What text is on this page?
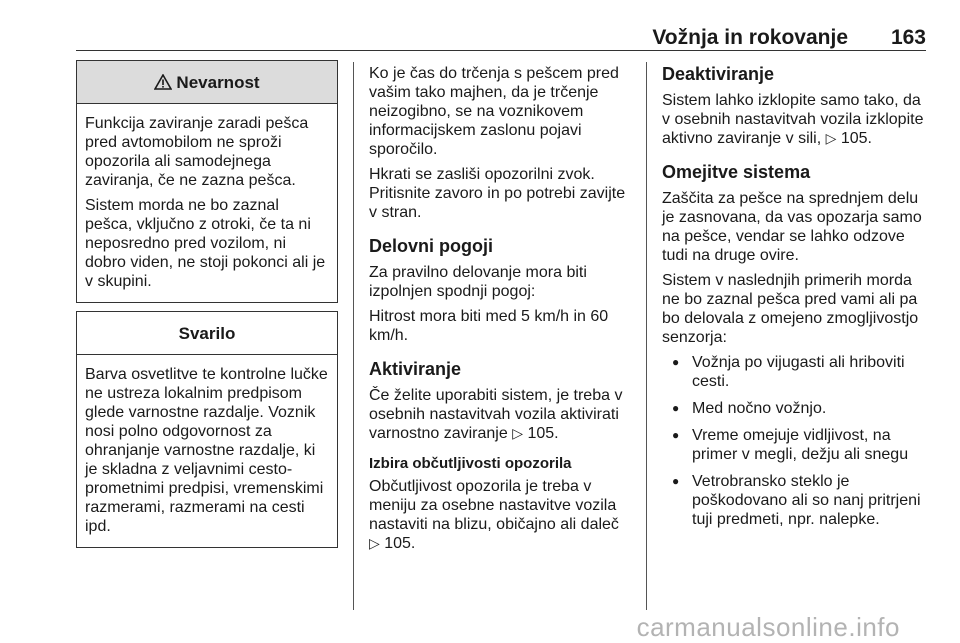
Vožnja in rokovanje 163
Nevarnost

Funkcija zaviranje zaradi pešca pred avtomobilom ne sproži opozorila ali samodejnega zaviranja, če ne zazna pešca.

Sistem morda ne bo zaznal pešca, vključno z otroki, če ta ni neposredno pred vozilom, ni dobro viden, ne stoji pokonci ali je v skupini.

Svarilo

Barva osvetlitve te kontrolne lučke ne ustreza lokalnim predpisom glede varnostne razdalje. Voznik nosi polno odgovornost za ohranjanje varnostne razdalje, ki je skladna z veljavnimi cesto-prometnimi predpisi, vremenskimi razmerami, razmerami na cesti ipd.

Ko je čas do trčenja s pešcem pred vašim tako majhen, da je trčenje neizogibno, se na voznikovem informacijskem zaslonu pojavi sporočilo.

Hkrati se zasliši opozorilni zvok. Pritisnite zavoro in po potrebi zavijte v stran.

Delovni pogoji

Za pravilno delovanje mora biti izpolnjen spodnji pogoj:

Hitrost mora biti med 5 km/h in 60 km/h.

Aktiviranje

Če želite uporabiti sistem, je treba v osebnih nastavitvah vozila aktivirati varnostno zaviranje ▷ 105.

Izbira občutljivosti opozorila

Občutljivost opozorila je treba v meniju za osebne nastavitve vozila nastaviti na blizu, običajno ali daleč
▷ 105.

Deaktiviranje

Sistem lahko izklopite samo tako, da v osebnih nastavitvah vozila izklopite aktivno zaviranje v sili, ▷ 105.

Omejitve sistema

Zaščita za pešce na sprednjem delu je zasnovana, da vas opozarja samo na pešce, vendar se lahko odzove tudi na druge ovire.

Sistem v naslednjih primerih morda ne bo zaznal pešca pred vami ali pa bo delovala z omejeno zmogljivostjo senzorja:

● Vožnja po vijugasti ali hriboviti cesti.
● Med nočno vožnjo.
● Vreme omejuje vidljivost, na primer v megli, dežju ali snegu
● Vetrobransko steklo je poškodovano ali so nanj pritrjeni tuji predmeti, npr. nalepke.
carmanualsonline.info
